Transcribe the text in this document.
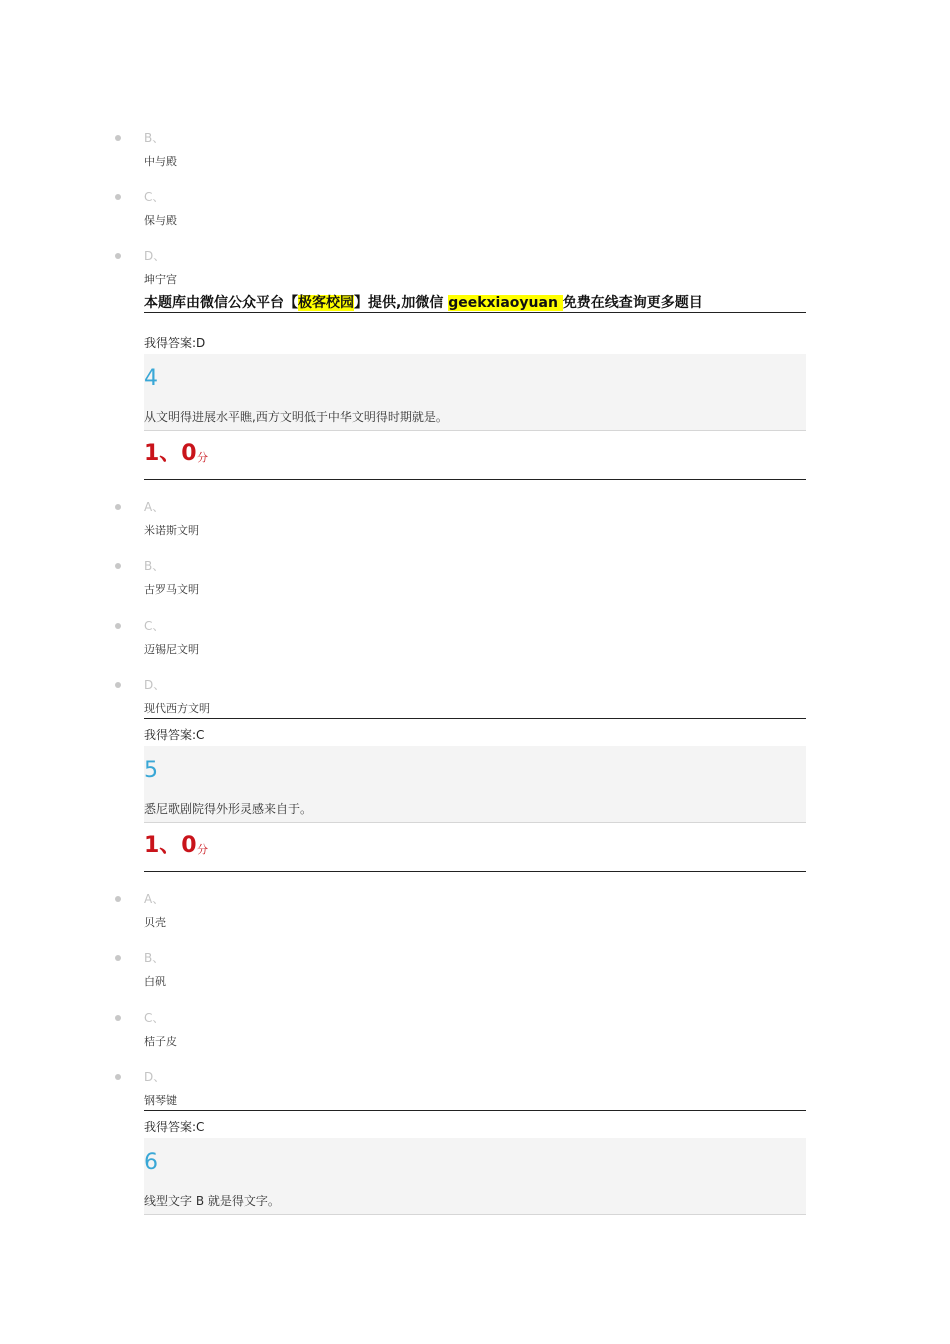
B、
中与殿
C、
保与殿
D、
坤宁宫
本题库由微信公众平台【极客校园】提供,加微信 geekxiaoyuan 免费在线查询更多题目
我得答案:D
4
从文明得进展水平瞧,西方文明低于中华文明得时期就是。
1、0 分
A、
米诺斯文明
B、
古罗马文明
C、
迈锡尼文明
D、
现代西方文明
我得答案:C
5
悉尼歌剧院得外形灵感来自于。
1、0 分
A、
贝壳
B、
白矾
C、
桔子皮
D、
钢琴键
我得答案:C
6
线型文字 B 就是得文字。
